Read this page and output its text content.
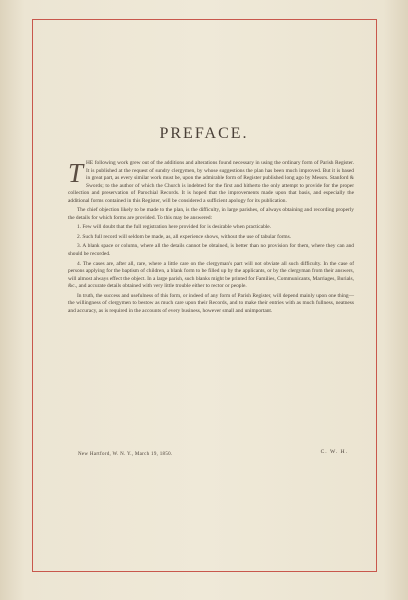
PREFACE.

THE following work grew out of the additions and alterations found necessary in using the ordinary form of Parish Register. It is published at the request of sundry clergymen, by whose suggestions the plan has been much improved. But it is based in great part, as every similar work must be, upon the admirable form of Register published long ago by Messrs. Stanford & Swords; to the author of which the Church is indebted for the first and hitherto the only attempt to provide for the proper collection and preservation of Parochial Records. It is hoped that the improvements made upon that basis, and especially the additional forms contained in this Register, will be considered a sufficient apology for its publication.

The chief objection likely to be made to the plan, is the difficulty, in large parishes, of always obtaining and recording properly the details for which forms are provided. To this may be answered:

1. Few will doubt that the full registration here provided for is desirable when practicable.

2. Such full record will seldom be made, as, all experience shows, without the use of tabular forms.

3. A blank space or column, where all the details cannot be obtained, is better than no provision for them, where they can and should be recorded.

4. The cases are, after all, rare, where a little care on the clergyman's part will not obviate all such difficulty. In the case of persons applying for the baptism of children, a blank form to be filled up by the applicants, or by the clergyman from their answers, will almost always effect the object. In a large parish, such blanks might be printed for Families, Communicants, Marriages, Burials, &c., and accurate details obtained with very little trouble either to rector or people.

In truth, the success and usefulness of this form, or indeed of any form of Parish Register, will depend mainly upon one thing—the willingness of clergymen to bestow as much care upon their Records, and to make their entries with as much fullness, neatness and accuracy, as is required in the accounts of every business, however small and unimportant.

New Hartford, W. N. Y., March 19, 1850.	C. W. H.
